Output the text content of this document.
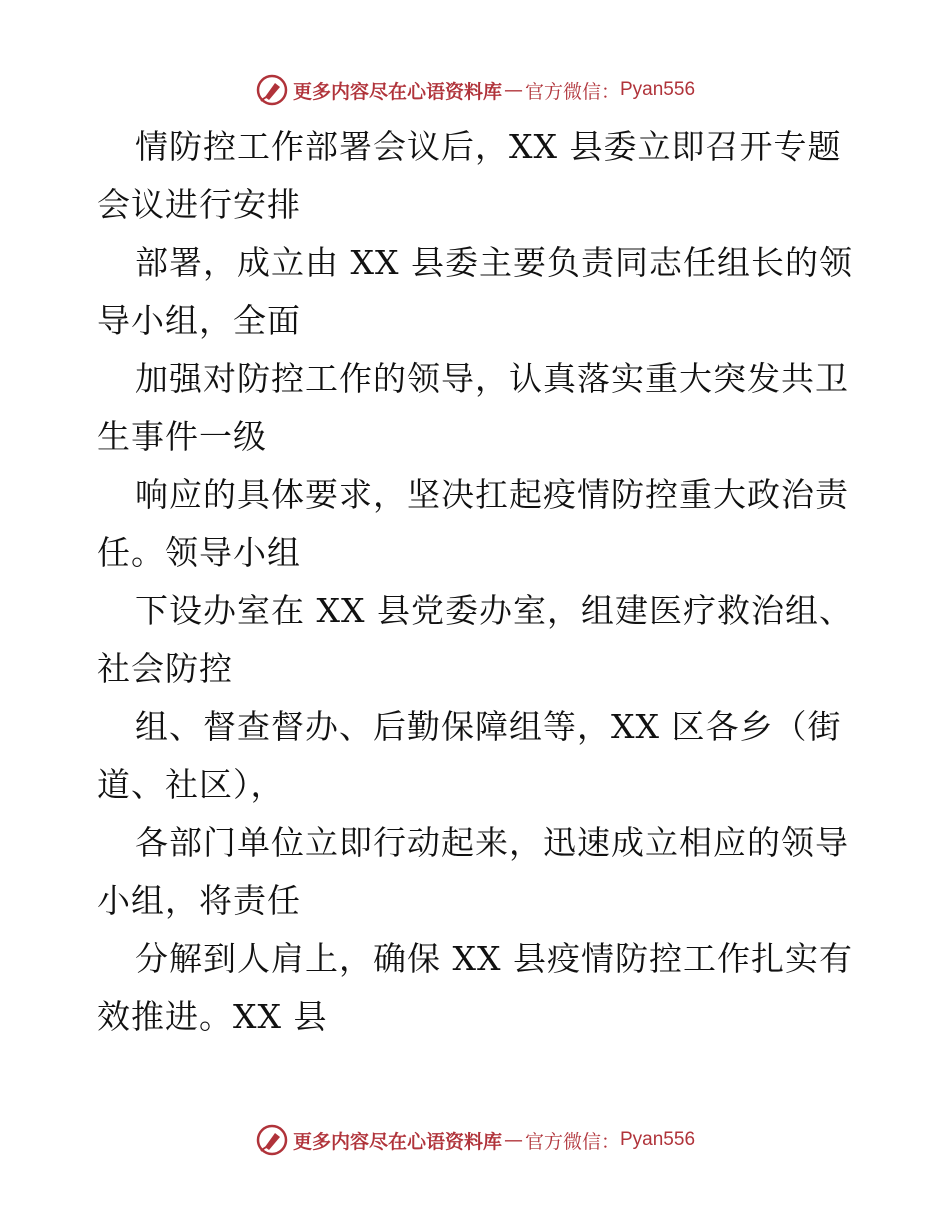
更多内容尽在心语资料库 — 官方微信： Pyan556
情防控工作部署会议后，XX 县委立即召开专题
会议进行安排
部署，成立由 XX 县委主要负责同志任组长的领
导小组，全面
加强对防控工作的领导，认真落实重大突发共卫
生事件一级
响应的具体要求，坚决扛起疫情防控重大政治责
任。领导小组
下设办室在 XX 县党委办室，组建医疗救治组、
社会防控
组、督查督办、后勤保障组等，XX 区各乡（街
道、社区），
各部门单位立即行动起来，迅速成立相应的领导
小组，将责任
分解到人肩上，确保 XX 县疫情防控工作扎实有
效推进。XX 县
更多内容尽在心语资料库 — 官方微信： Pyan556
